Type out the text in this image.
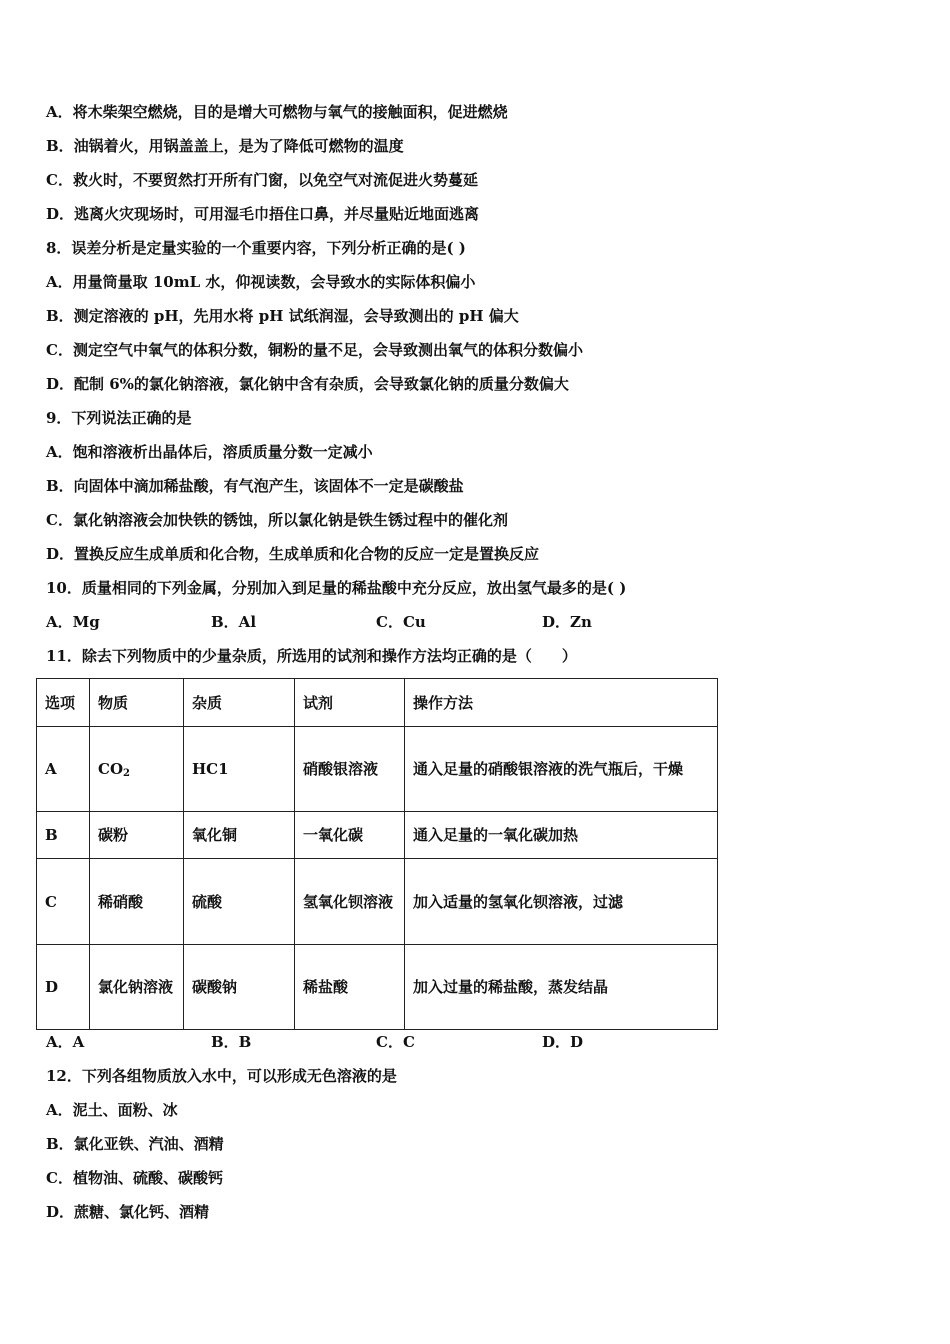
A．将木柴架空燃烧，目的是增大可燃物与氧气的接触面积，促进燃烧
B．油锅着火，用锅盖盖上，是为了降低可燃物的温度
C．救火时，不要贸然打开所有门窗，以免空气对流促进火势蔓延
D．逃离火灾现场时，可用湿毛巾捂住口鼻，并尽量贴近地面逃离
8．误差分析是定量实验的一个重要内容，下列分析正确的是( )
A．用量筒量取 10mL 水，仰视读数，会导致水的实际体积偏小
B．测定溶液的 pH，先用水将 pH 试纸润湿，会导致测出的 pH 偏大
C．测定空气中氧气的体积分数，铜粉的量不足，会导致测出氧气的体积分数偏小
D．配制 6%的氯化钠溶液，氯化钠中含有杂质，会导致氯化钠的质量分数偏大
9．下列说法正确的是
A．饱和溶液析出晶体后，溶质质量分数一定减小
B．向固体中滴加稀盐酸，有气泡产生，该固体不一定是碳酸盐
C．氯化钠溶液会加快铁的锈蚀，所以氯化钠是铁生锈过程中的催化剂
D．置换反应生成单质和化合物，生成单质和化合物的反应一定是置换反应
10．质量相同的下列金属，分别加入到足量的稀盐酸中充分反应，放出氢气最多的是( )
A．Mg	B．Al	C．Cu	D．Zn
11．除去下列物质中的少量杂质，所选用的试剂和操作方法均正确的是（　　）
选项	物质	杂质	试剂	操作方法
A	$CO_2$	HC1	硝酸银溶液	通入足量的硝酸银溶液的洗气瓶后，干燥
B	碳粉	氧化铜	一氧化碳	通入足量的一氧化碳加热
C	稀硝酸	硫酸	氢氧化钡溶液	加入适量的氢氧化钡溶液，过滤
D	氯化钠溶液	碳酸钠	稀盐酸	加入过量的稀盐酸，蒸发结晶
A．A	B．B	C．C	D．D
12．下列各组物质放入水中，可以形成无色溶液的是
A．泥土、面粉、冰
B．氯化亚铁、汽油、酒精
C．植物油、硫酸、碳酸钙
D．蔗糖、氯化钙、酒精
